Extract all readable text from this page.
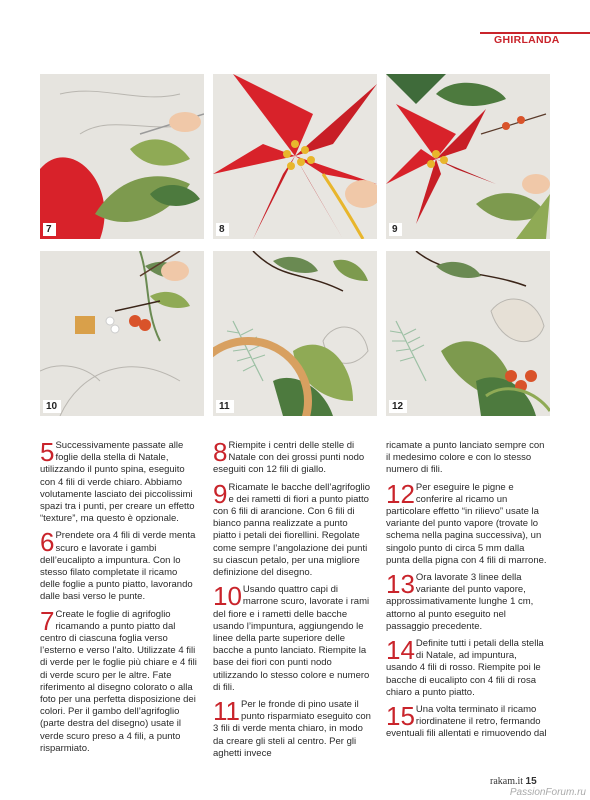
GHIRLANDA
7	8	9
10	11	12

5 Successivamente passate alle foglie della stella di Natale, utilizzando il punto spina, eseguito con 4 fili di verde chiaro. Abbiamo volutamente lasciato dei piccolissimi spazi tra i punti, per creare un effetto “texture”, ma questo è opzionale.

6 Prendete ora 4 fili di verde menta scuro e lavorate i gambi dell’eucalipto a impuntura. Con lo stesso filato completate il ricamo delle foglie a punto piatto, lavorando dalle basi verso le punte.

7 Create le foglie di agrifoglio ricamando a punto piatto dal centro di ciascuna foglia verso l’esterno e verso l’alto. Utilizzate 4 fili di verde per le foglie più chiare e 4 fili di verde scuro per le altre. Fate riferimento al disegno colorato o alla foto per una perfetta disposizione dei colori. Per il gambo dell’agrifoglio (parte destra del disegno) usate il verde scuro preso a 4 fili, a punto risparmiato.

8 Riempite i centri delle stelle di Natale con dei grossi punti nodo eseguiti con 12 fili di giallo.

9 Ricamate le bacche dell’agrifoglio e dei rametti di fiori a punto piatto con 6 fili di arancione. Con 6 fili di bianco panna realizzate a punto piatto i petali dei fiorellini. Regolate come sempre l’angolazione dei punti su ciascun petalo, per una migliore definizione del disegno.

10 Usando quattro capi di marrone scuro, lavorate i rami del fiore e i rametti delle bacche usando l’impuntura, aggiungendo le linee della parte superiore delle bacche a punto lanciato. Riempite la base dei fiori con punti nodo utilizzando lo stesso colore e numero di fili.

11 Per le fronde di pino usate il punto risparmiato eseguito con 3 fili di verde menta chiaro, in modo da creare gli steli al centro. Per gli aghetti invece

ricamate a punto lanciato sempre con il medesimo colore e con lo stesso numero di fili.

12 Per eseguire le pigne e conferire al ricamo un particolare effetto “in rilievo” usate la variante del punto vapore (trovate lo schema nella pagina successiva), un singolo punto di circa 5 mm dalla punta della pigna con 4 fili di marrone.

13 Ora lavorate 3 linee della variante del punto vapore, approssimativamente lunghe 1 cm, attorno al punto eseguito nel passaggio precedente.

14 Definite tutti i petali della stella di Natale, ad impuntura, usando 4 fili di rosso. Riempite poi le bacche di eucalipto con 4 fili di rosa chiaro a punto piatto.

15 Una volta terminato il ricamo riordinatene il retro, fermando eventuali fili allentati e rimuovendo dal

rakam.it 15
PassionForum.ru
